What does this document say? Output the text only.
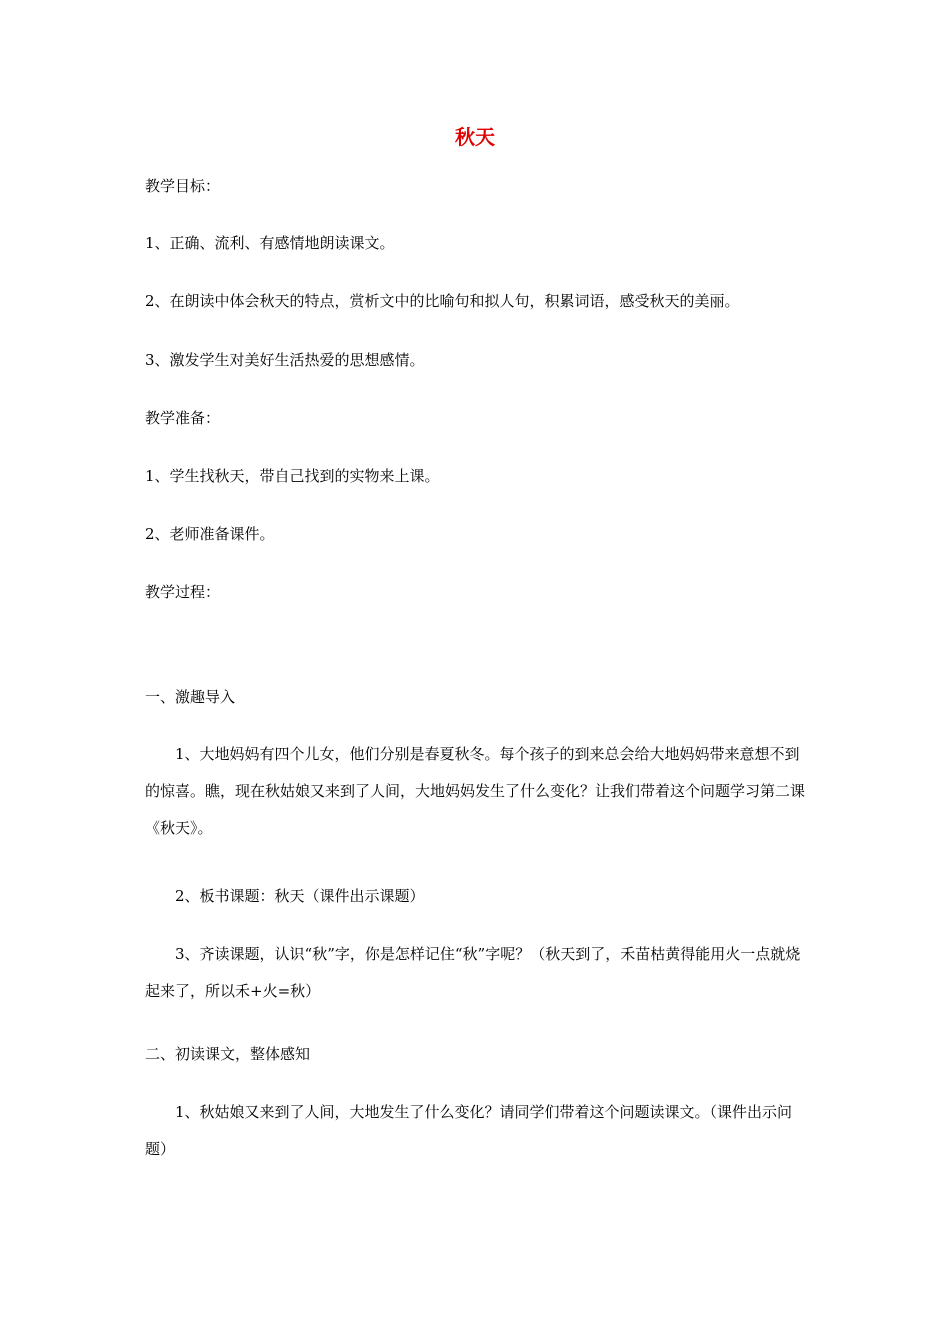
秋天
教学目标：
1、正确、流利、有感情地朗读课文。
2、在朗读中体会秋天的特点，赏析文中的比喻句和拟人句，积累词语，感受秋天的美丽。
3、激发学生对美好生活热爱的思想感情。
教学准备：
1、学生找秋天，带自己找到的实物来上课。
2、老师准备课件。
教学过程：
一、激趣导入
1、大地妈妈有四个儿女，他们分别是春夏秋冬。每个孩子的到来总会给大地妈妈带来意想不到的惊喜。瞧，现在秋姑娘又来到了人间，大地妈妈发生了什么变化？让我们带着这个问题学习第二课《秋天》。
2、板书课题：秋天（课件出示课题）
3、齐读课题，认识“秋”字，你是怎样记住“秋”字呢？（秋天到了，禾苗枯黄得能用火一点就烧起来了，所以禾+火=秋）
二、初读课文，整体感知
1、秋姑娘又来到了人间，大地发生了什么变化？请同学们带着这个问题读课文。（课件出示问题）
